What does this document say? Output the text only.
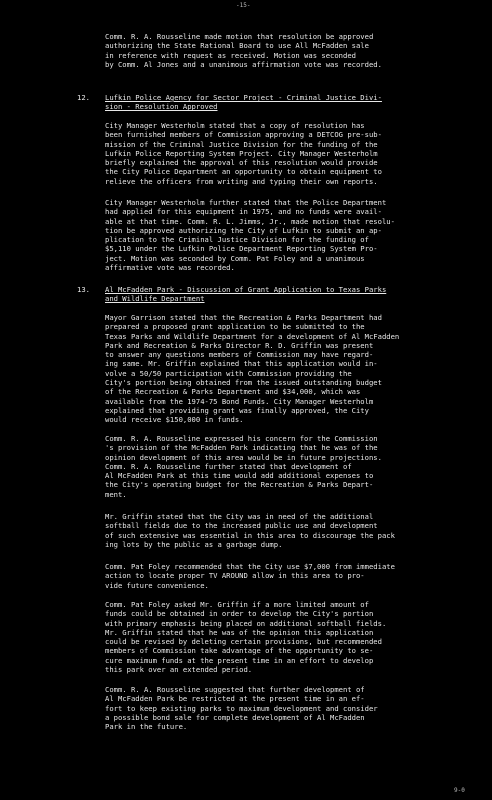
-15-

Comm. R. A. Rousseline made motion that resolution be approved
authorizing the State Rational Board to use All McFadden sale
in reference with request as received. Motion was seconded
by Comm. Al Jones and a unanimous affirmation vote was recorded.

12. Lufkin Police Agency for Sector Project - Criminal Justice Divi-
sion - Resolution Approved

City Manager Westerholm stated that a copy of resolution has
been furnished members of Commission approving a DETCOG pre-sub-
mission of the Criminal Justice Division for the funding of the
Lufkin Police Reporting System Project. City Manager Westerholm
briefly explained the approval of this resolution would provide
the City Police Department an opportunity to obtain equipment to
relieve the officers from writing and typing their own reports.

City Manager Westerholm further stated that the Police Department
had applied for this equipment in 1975, and no funds were avail-
able at that time. Comm. R. L. Jimms, Jr., made motion that resolu-
tion be approved authorizing the City of Lufkin to submit an ap-
plication to the Criminal Justice Division for the funding of
$5,110 under the Lufkin Police Department Reporting System Pro-
ject. Motion was seconded by Comm. Pat Foley and a unanimous
affirmative vote was recorded.

13. Al McFadden Park - Discussion of Grant Application to Texas Parks
and Wildlife Department

Mayor Garrison stated that the Recreation & Parks Department had
prepared a proposed grant application to be submitted to the
Texas Parks and Wildlife Department for a development of Al McFadden
Park and Recreation & Parks Director R. D. Griffin was present
to answer any questions members of Commission may have regard-
ing same. Mr. Griffin explained that this application would in-
volve a 50/50 participation with Commission providing the
City's portion being obtained from the issued outstanding budget
of the Recreation & Parks Department and $34,000, which was
available from the 1974-75 Bond Funds. City Manager Westerholm
explained that providing grant was finally approved, the City
would receive $150,000 in funds.

Comm. R. A. Rousseline expressed his concern for the Commission
's provision of the McFadden Park indicating that he was of the
opinion development of this area would be in future projections.
Comm. R. A. Rousseline further stated that development of
Al McFadden Park at this time would add additional expenses to
the City's operating budget for the Recreation & Parks Depart-
ment.

Mr. Griffin stated that the City was in need of the additional
softball fields due to the increased public use and development
of such extensive was essential in this area to discourage the pack
ing lots by the public as a garbage dump.

Comm. Pat Foley recommended that the City use $7,000 from immediate
action to locate proper TV AROUND allow in this area to pro-
vide future convenience.

Comm. Pat Foley asked Mr. Griffin if a more limited amount of
funds could be obtained in order to develop the City's portion
with primary emphasis being placed on additional softball fields.
Mr. Griffin stated that he was of the opinion this application
could be revised by deleting certain provisions, but recommended
members of Commission take advantage of the opportunity to se-
cure maximum funds at the present time in an effort to develop
this park over an extended period.

Comm. R. A. Rousseline suggested that further development of
Al McFadden Park be restricted at the present time in an ef-
fort to keep existing parks to maximum development and consider
a possible bond sale for complete development of Al McFadden
Park in the future.

9-0
